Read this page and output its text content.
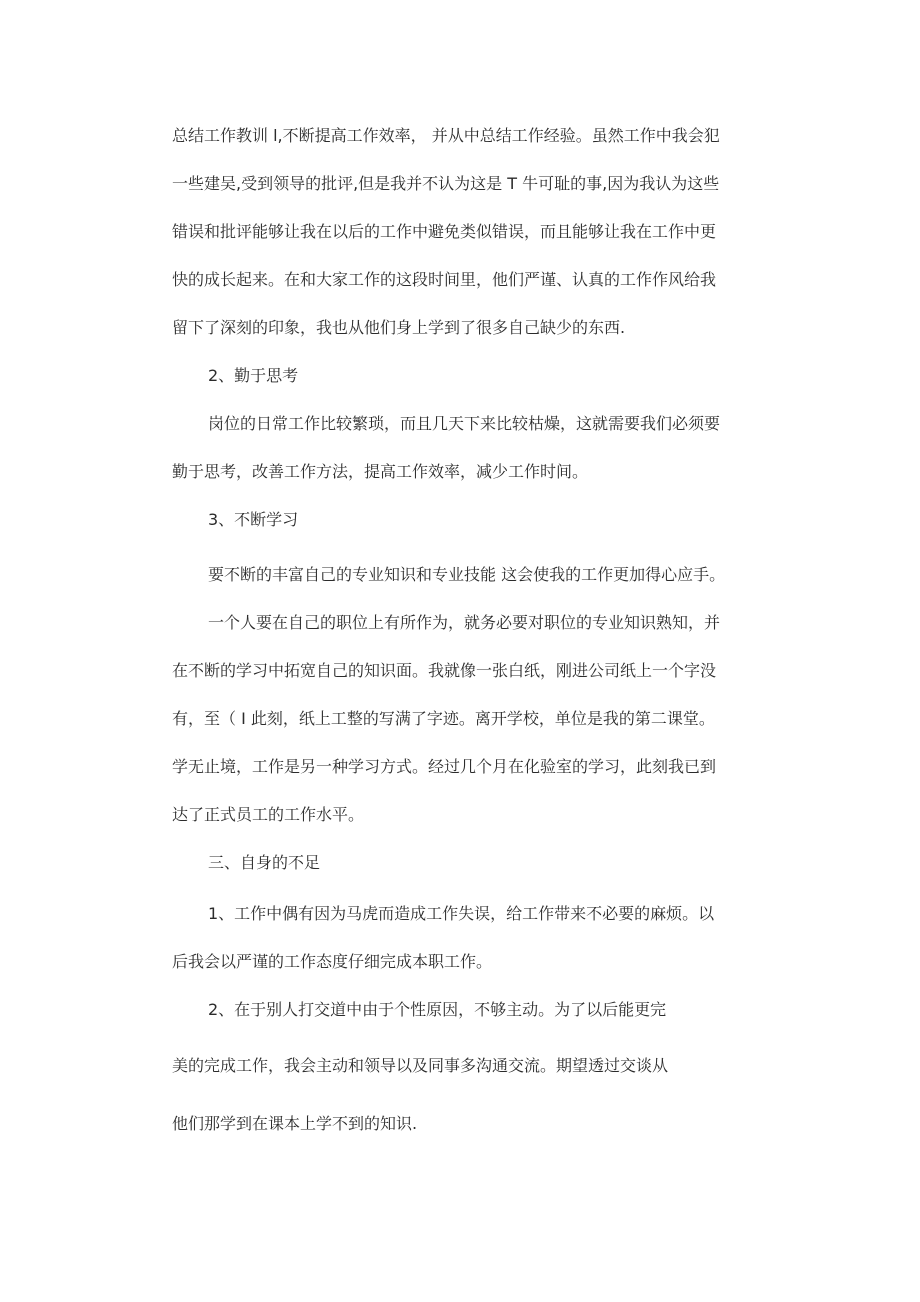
总结工作教训 l,不断提高工作效率， 并从中总结工作经验。虽然工作中我会犯
一些建吴,受到领导的批评,但是我并不认为这是 T 牛可耻的事,因为我认为这些
错误和批评能够让我在以后的工作中避免类似错误，而且能够让我在工作中更
快的成长起来。在和大家工作的这段时间里，他们严谨、认真的工作作风给我
留下了深刻的印象，我也从他们身上学到了很多自己缺少的东西.
2、勤于思考
岗位的日常工作比较繁琐，而且几天下来比较枯燥，这就需要我们必须要
勤于思考，改善工作方法，提高工作效率，减少工作时间。
3、不断学习
要不断的丰富自己的专业知识和专业技能 这会使我的工作更加得心应手。
一个人要在自己的职位上有所作为，就务必要对职位的专业知识熟知，并
在不断的学习中拓宽自己的知识面。我就像一张白纸，刚进公司纸上一个字没
有，至（ I 此刻，纸上工整的写满了字迹。离开学校，单位是我的第二课堂。
学无止境，工作是另一种学习方式。经过几个月在化验室的学习，此刻我已到
达了正式员工的工作水平。
三、自身的不足
1、工作中偶有因为马虎而造成工作失误，给工作带来不必要的麻烦。以
后我会以严谨的工作态度仔细完成本职工作。
2、在于别人打交道中由于个性原因，不够主动。为了以后能更完
美的完成工作，我会主动和领导以及同事多沟通交流。期望透过交谈从
他们那学到在课本上学不到的知识.
